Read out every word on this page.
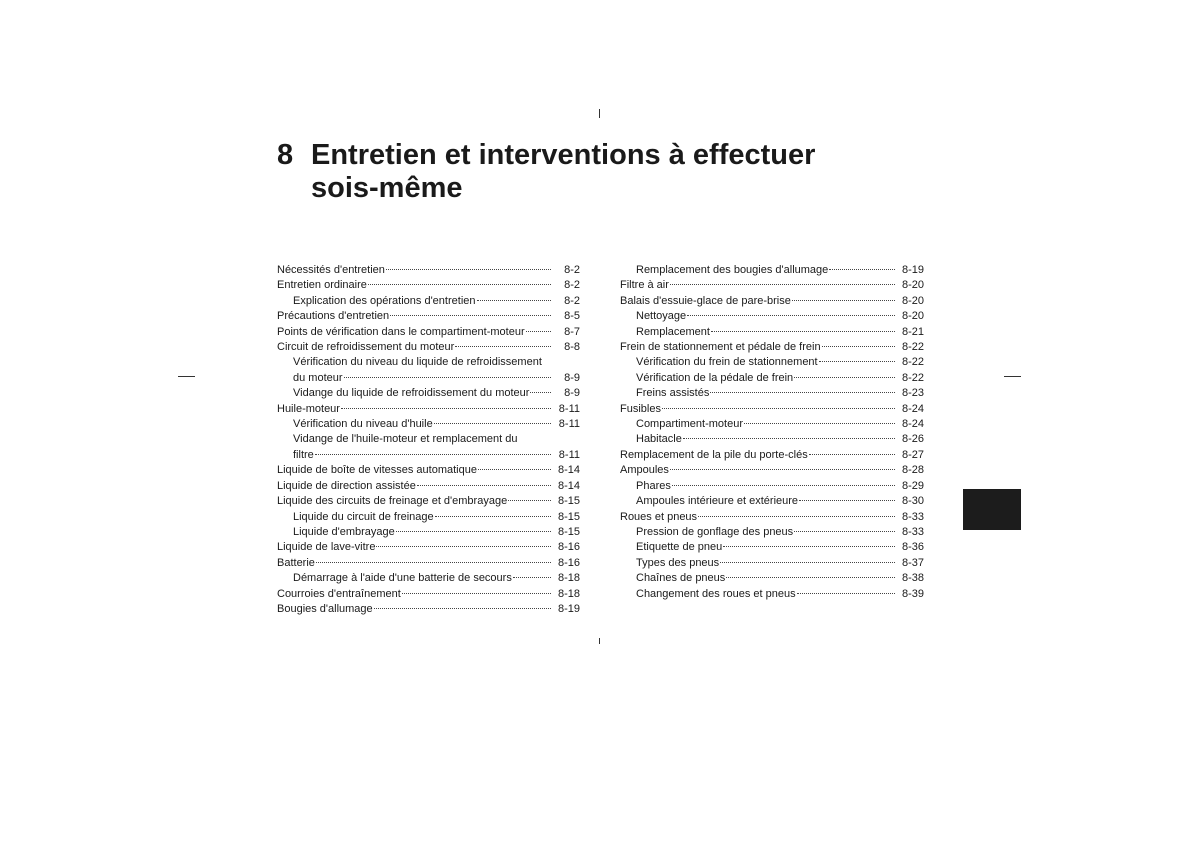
8 Entretien et interventions à effectuer
sois-même
Nécessités d'entretien	8-2
Entretien ordinaire	8-2
Explication des opérations d'entretien	8-2
Précautions d'entretien	8-5
Points de vérification dans le compartiment-moteur	8-7
Circuit de refroidissement du moteur	8-8
Vérification du niveau du liquide de refroidissement
du moteur	8-9
Vidange du liquide de refroidissement du moteur	8-9
Huile-moteur	8-11
Vérification du niveau d'huile	8-11
Vidange de l'huile-moteur et remplacement du
filtre	8-11
Liquide de boîte de vitesses automatique	8-14
Liquide de direction assistée	8-14
Liquide des circuits de freinage et d'embrayage	8-15
Liquide du circuit de freinage	8-15
Liquide d'embrayage	8-15
Liquide de lave-vitre	8-16
Batterie	8-16
Démarrage à l'aide d'une batterie de secours	8-18
Courroies d'entraînement	8-18
Bougies d'allumage	8-19
Remplacement des bougies d'allumage	8-19
Filtre à air	8-20
Balais d'essuie-glace de pare-brise	8-20
Nettoyage	8-20
Remplacement	8-21
Frein de stationnement et pédale de frein	8-22
Vérification du frein de stationnement	8-22
Vérification de la pédale de frein	8-22
Freins assistés	8-23
Fusibles	8-24
Compartiment-moteur	8-24
Habitacle	8-26
Remplacement de la pile du porte-clés	8-27
Ampoules	8-28
Phares	8-29
Ampoules intérieure et extérieure	8-30
Roues et pneus	8-33
Pression de gonflage des pneus	8-33
Etiquette de pneu	8-36
Types des pneus	8-37
Chaînes de pneus	8-38
Changement des roues et pneus	8-39
